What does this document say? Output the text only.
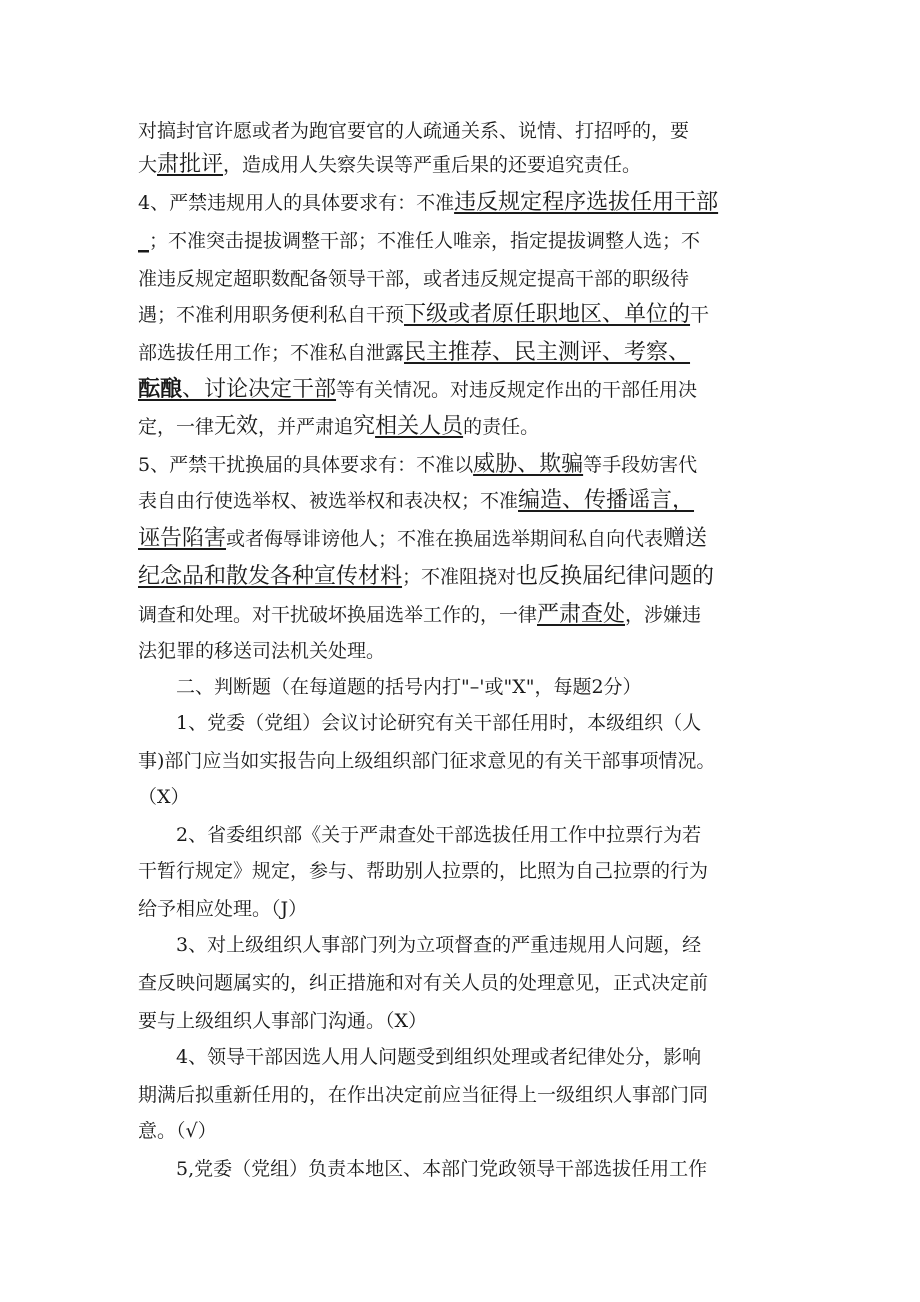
对搞封官许愿或者为跑官要官的人疏通关系、说情、打招呼的，要
大肃批评，造成用人失察失误等严重后果的还要追究责任。
4、严禁违规用人的具体要求有：不准违反规定程序选拔任用干部
_；不准突击提拔调整干部；不准任人唯亲，指定提拔调整人选；不
准违反规定超职数配备领导干部，或者违反规定提高干部的职级待
遇；不准利用职务便利私自干预下级或者原任职地区、单位的干
部选拔任用工作；不准私自泄露民主推荐、民主测评、考察、
酝酿、讨论决定干部等有关情况。对违反规定作出的干部任用决
定，一律无效，并严肃追究相关人员的责任。
5、严禁干扰换届的具体要求有：不准以威胁、欺骗等手段妨害代
表自由行使选举权、被选举权和表决权；不准编造、传播谣言，
诬告陷害或者侮辱诽谤他人；不准在换届选举期间私自向代表赠送
纪念品和散发各种宣传材料；不准阻挠对也反换届纪律问题的
调查和处理。对干扰破坏换届选举工作的，一律严肃查处，涉嫌违
法犯罪的移送司法机关处理。
二、判断题（在每道题的括号内打"–'或"X"，每题2分）
1、党委（党组）会议讨论研究有关干部任用时，本级组织（人
事)部门应当如实报告向上级组织部门征求意见的有关干部事项情况。
（X）
2、省委组织部《关于严肃查处干部选拔任用工作中拉票行为若
干暂行规定》规定，参与、帮助别人拉票的，比照为自己拉票的行为
给予相应处理。（J）
3、对上级组织人事部门列为立项督查的严重违规用人问题，经
查反映问题属实的，纠正措施和对有关人员的处理意见，正式决定前
要与上级组织人事部门沟通。（X）
4、领导干部因选人用人问题受到组织处理或者纪律处分，影响
期满后拟重新任用的，在作出决定前应当征得上一级组织人事部门同
意。（√）
5,党委（党组）负责本地区、本部门党政领导干部选拔任用工作
